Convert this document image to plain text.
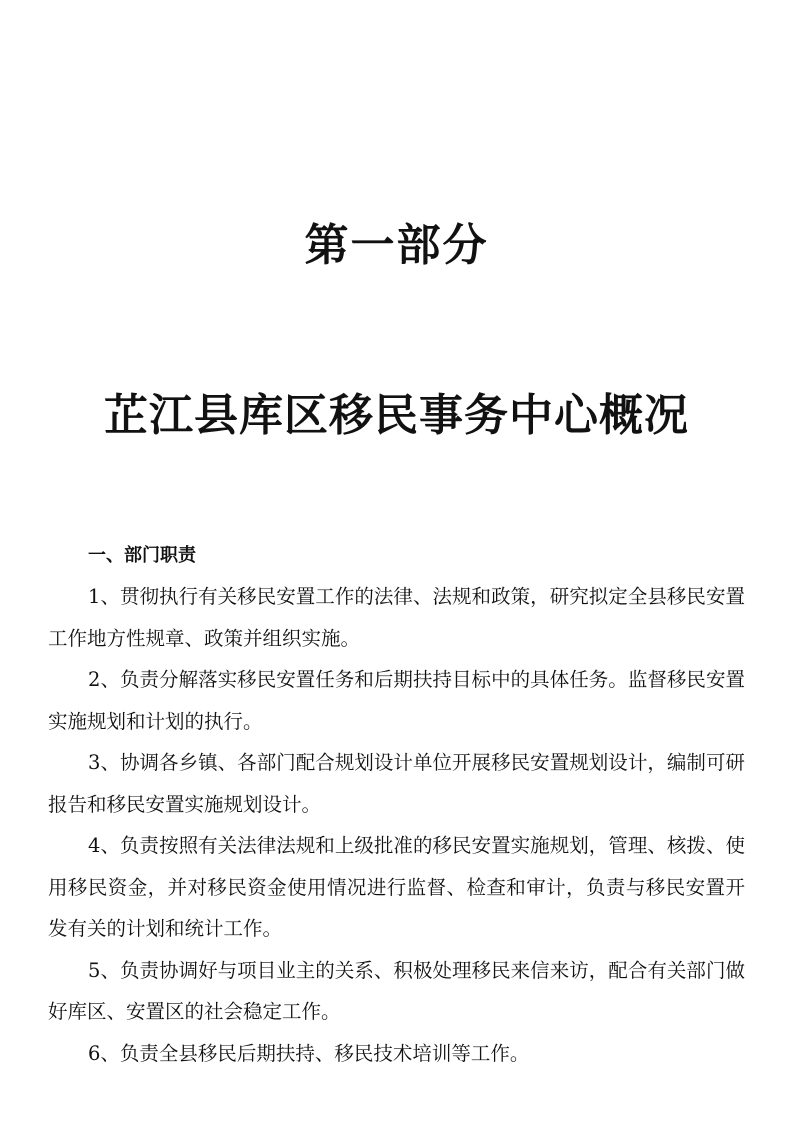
第一部分
芷江县库区移民事务中心概况

一、部门职责

1、贯彻执行有关移民安置工作的法律、法规和政策，研究拟定全县移民安置工作地方性规章、政策并组织实施。

2、负责分解落实移民安置任务和后期扶持目标中的具体任务。监督移民安置实施规划和计划的执行。

3、协调各乡镇、各部门配合规划设计单位开展移民安置规划设计，编制可研报告和移民安置实施规划设计。

4、负责按照有关法律法规和上级批准的移民安置实施规划，管理、核拨、使用移民资金，并对移民资金使用情况进行监督、检查和审计，负责与移民安置开发有关的计划和统计工作。

5、负责协调好与项目业主的关系、积极处理移民来信来访，配合有关部门做好库区、安置区的社会稳定工作。

6、负责全县移民后期扶持、移民技术培训等工作。
